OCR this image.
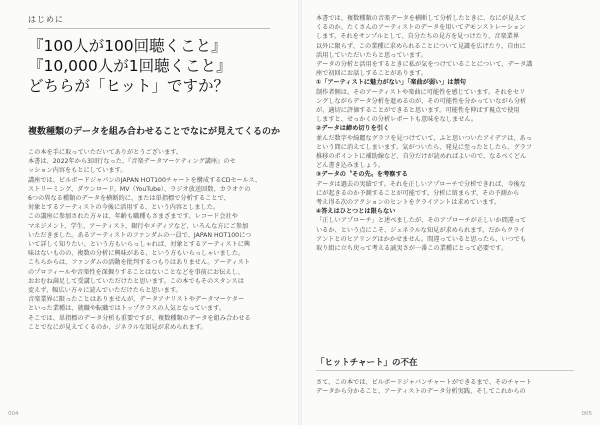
はじめに
『100人が100回聴くこと』
『10,000人が1回聴くこと』
どちらが「ヒット」ですか？
複数種類のデータを組み合わせることでなにが見えてくるのか

この本を手に取っていただいてありがとうございます。

本書は、2022年から3回行なった、『音楽データマーケティング講座』のセ

ッション内容をもとにしています。

講座では、ビルボードジャパンのJAPAN HOT100チャートを構成するCDセールス、

ストリーミング、ダウンロード、MV（YouTube）、ラジオ放送回数、カラオケの

6つの異なる種類のデータを横断的に、または単指標で分析することで、

対象とするアーティストの今後に活用する、という内容としました。

この講座に参加された方々は、年齢も職種もさまざまです。レコード会社や

マネジメント、学生、アーティスト、銀行やメディアなど、いろんな方にご参加

いただきました。あるアーティストのファンダムの一員で、JAPAN HOT100につ

いて詳しく知りたい、という方もいらっしゃれば、対象とするアーティストに興

味はないものの、複数の分析に興味がある、という方もいらっしゃいました。

こちらからは、ファンダムの活動を批判するつもりはありません。アーティスト

のプロフィールや音楽性を深掘りすることはないことなどを事前にお伝えし、

おおむね満足して受講していただけたと思います。この本でもそのスタンスは

変えず、幅広い方々に読んでいただけたらと思います。

音楽業界に限ったことはありませんが、データアナリストやデータマーケター

といった業種は、就職や転職ではトップクラスの人気となっています。

そこでは、単指標のデータ分析も重要ですが、複数種類のデータを組み合わせる

ことでなにが見えてくるのか、ジネラルな知見が求められます。

004

本書では、複数種類の音楽データを横断して分析したときに、なにが見えて

くるのか、たくさんのアーティストのデータを用いてデモンストレーション

します。それをサンプルとして、自分たちの見方を見つけたり、音楽業界

以外に限らず、この業種に求められることについて見識を広げたり、自由に

活用していただいたらと思っています。

データの分析と活用をするときに私が気をつけていることについて、データ講

座で初回にお話しすることがあります。

①「アーティストに魅力がない」「楽曲が弱い」は禁句

制作者側は、そのアーティストや楽曲に可能性を感じています。それをセリ

ングしながらデータ分析を進めるのが、その可能性を分かっていながら分析

が、適切に評価することができると思います。可能性を伸ばす視点で使用

しますと、せっかくの分析レポートも意味をなしません。

②データは締め切りを引く

並んだ数字や綺麗なグラフを見つけていて、ふと思いついたアイデアは、あっ

という間に消えてしまいます。気がついたら、発見に至ったとしたら、グラフ

推移のポイントに補助線など、自分だけが読めればよいので、なるべくどん

どん書き込みましょう。

③データの〝その先〟を考察する

データは過去の実績です。それを正しいアプローチで分析できれば、今後な

にが起きるのか予測することが可能です。分析に留まらず、その予測から

考え得る次のアクションのヒントをクライアントは求めています。

④答えはひとつとは限らない

「正しいアプローチ」と述べましたが、そのアプローチが正しいか間違って

いるか、という点にこそ、ジェネラルな知見が求められます。だからクライ

アントとのヒアリングはかかせません。間違っていると思ったら、いつでも

取り組に立ち戻って考える誠実さが一番この業種にとって必要です。

「ヒットチャート」の不在

さて、この本では、ビルボードジャパンチャートができるまで、そのチャート

データから分かること、アーティストのデータ分析実践、そしてこれからの

005
